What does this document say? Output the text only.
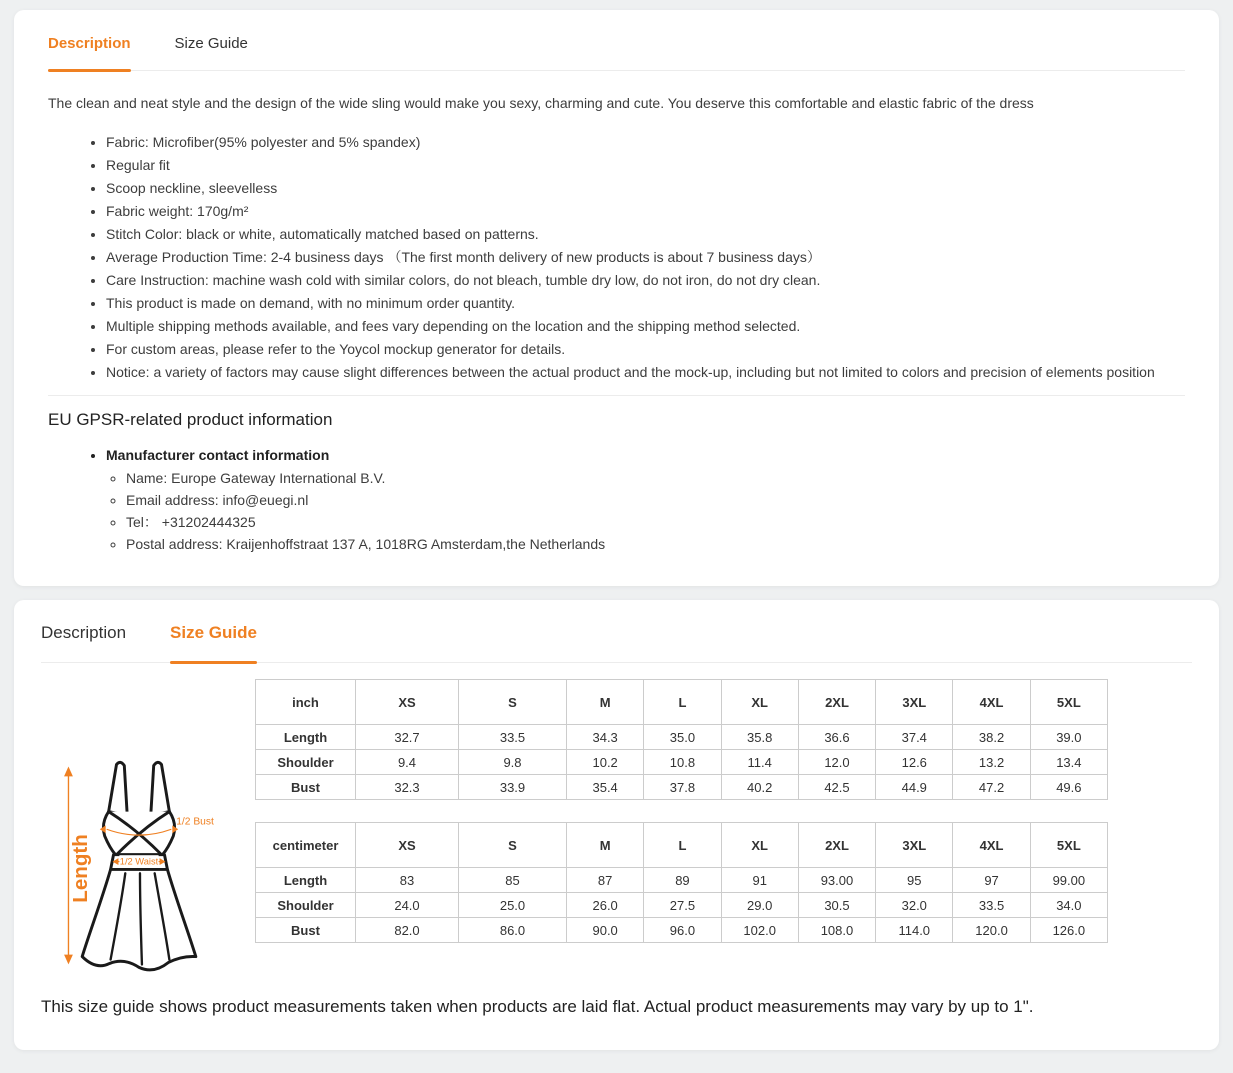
Description	Size Guide

The clean and neat style and the design of the wide sling would make you sexy, charming and cute. You deserve this comfortable and elastic fabric of the dress

• Fabric: Microfiber(95% polyester and 5% spandex)
• Regular fit
• Scoop neckline, sleevelless
• Fabric weight: 170g/m²
• Stitch Color: black or white, automatically matched based on patterns.
• Average Production Time: 2-4 business days （The first month delivery of new products is about 7 business days）
• Care Instruction: machine wash cold with similar colors, do not bleach, tumble dry low, do not iron, do not dry clean.
• This product is made on demand, with no minimum order quantity.
• Multiple shipping methods available, and fees vary depending on the location and the shipping method selected.
• For custom areas, please refer to the Yoycol mockup generator for details.
• Notice: a variety of factors may cause slight differences between the actual product and the mock-up, including but not limited to colors and precision of elements position
EU GPSR-related product information
• Manufacturer contact information
◦ Name: Europe Gateway International B.V.
◦ Email address: info@euegi.nl
◦ Tel： +31202444325
◦ Postal address: Kraijenhoffstraat 137 A, 1018RG Amsterdam,the Netherlands
Description	Size Guide
Length
1/2 Bust
1/2 Waist
inch	XS	S	M	L	XL	2XL	3XL	4XL	5XL
Length	32.7	33.5	34.3	35.0	35.8	36.6	37.4	38.2	39.0
Shoulder	9.4	9.8	10.2	10.8	11.4	12.0	12.6	13.2	13.4
Bust	32.3	33.9	35.4	37.8	40.2	42.5	44.9	47.2	49.6
centimeter	XS	S	M	L	XL	2XL	3XL	4XL	5XL
Length	83	85	87	89	91	93.00	95	97	99.00
Shoulder	24.0	25.0	26.0	27.5	29.0	30.5	32.0	33.5	34.0
Bust	82.0	86.0	90.0	96.0	102.0	108.0	114.0	120.0	126.0

This size guide shows product measurements taken when products are laid flat. Actual product measurements may vary by up to 1".
